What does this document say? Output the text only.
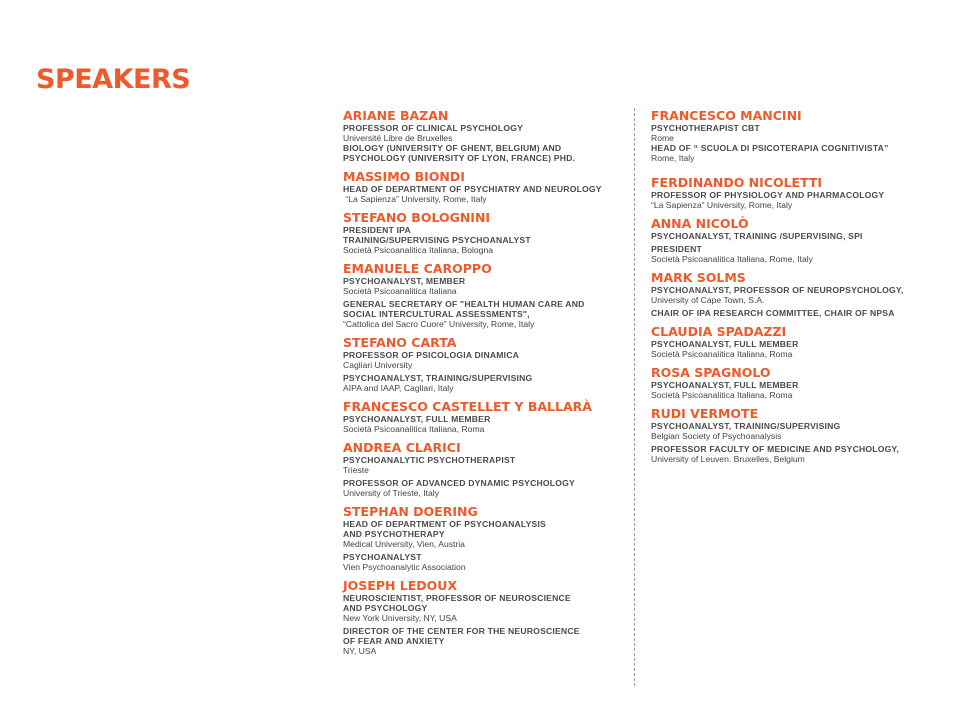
SPEAKERS
ARIANE BAZAN
PROFESSOR OF CLINICAL PSYCHOLOGY
Université Libre de Bruxelles
BIOLOGY (UNIVERSITY OF GHENT, BELGIUM) AND
PSYCHOLOGY (UNIVERSITY OF LYON, FRANCE) PHD.
MASSIMO BIONDI
HEAD OF DEPARTMENT OF PSYCHIATRY AND NEUROLOGY
“La Sapienza” University, Rome, Italy
STEFANO BOLOGNINI
PRESIDENT IPA
TRAINING/SUPERVISING PSYCHOANALYST
Società Psicoanalitica Italiana, Bologna
EMANUELE CAROPPO
PSYCHOANALYST, MEMBER
Società Psicoanalitica Italiana
GENERAL SECRETARY OF "HEALTH HUMAN CARE AND
SOCIAL INTERCULTURAL ASSESSMENTS",
“Cattolica del Sacro Cuore” University, Rome, Italy
STEFANO CARTA
PROFESSOR OF PSICOLOGIA DINAMICA
Cagliari University
PSYCHOANALYST, TRAINING/SUPERVISING
AIPA and IAAP, Cagliari, Italy
FRANCESCO CASTELLET Y BALLARÀ
PSYCHOANALYST, FULL MEMBER
Società Psicoanalitica Italiana, Roma
ANDREA CLARICI
PSYCHOANALYTIC PSYCHOTHERAPIST
Trieste
PROFESSOR OF ADVANCED DYNAMIC PSYCHOLOGY
University of Trieste, Italy
STEPHAN DOERING
HEAD OF DEPARTMENT OF PSYCHOANALYSIS
AND PSYCHOTHERAPY
Medical University, Vien, Austria
PSYCHOANALYST
Vien Psychoanalytic Association
JOSEPH LEDOUX
NEUROSCIENTIST, PROFESSOR OF NEUROSCIENCE
AND PSYCHOLOGY
New York University, NY, USA
DIRECTOR OF THE CENTER FOR THE NEUROSCIENCE
OF FEAR AND ANXIETY
NY, USA
FRANCESCO MANCINI
PSYCHOTHERAPIST CBT
Rome
HEAD OF “ SCUOLA DI PSICOTERAPIA COGNITIVISTA”
Rome, Italy
FERDINANDO NICOLETTI
PROFESSOR OF PHYSIOLOGY AND PHARMACOLOGY
“La Sapienza” University, Rome, Italy
ANNA NICOLÒ
PSYCHOANALYST, TRAINING /SUPERVISING, SPI
PRESIDENT
Società Psicoanalitica Italiana, Rome, Italy
MARK SOLMS
PSYCHOANALYST, PROFESSOR OF NEUROPSYCHOLOGY,
University of Cape Town, S.A.
CHAIR OF IPA RESEARCH COMMITTEE, CHAIR OF NPSA
CLAUDIA SPADAZZI
PSYCHOANALYST, FULL MEMBER
Società Psicoanalitica Italiana, Roma
ROSA SPAGNOLO
PSYCHOANALYST, FULL MEMBER
Società Psicoanalitica Italiana, Roma
RUDI VERMOTE
PSYCHOANALYST, TRAINING/SUPERVISING
Belgian Society of Psychoanalysis
PROFESSOR FACULTY OF MEDICINE AND PSYCHOLOGY,
University of Leuven. Bruxelles, Belgium
